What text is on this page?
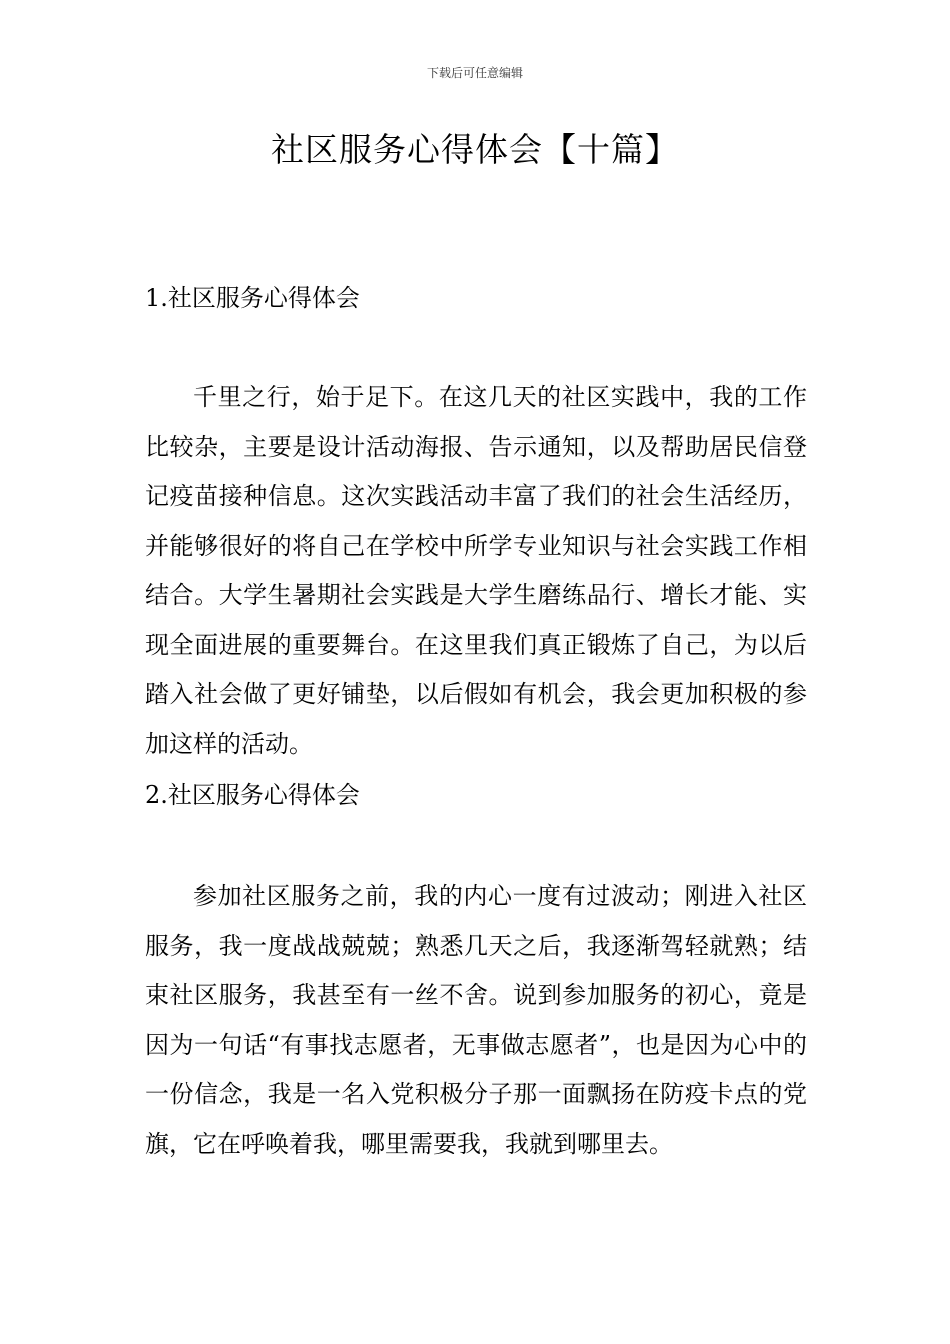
下载后可任意编辑
社区服务心得体会【十篇】
1.社区服务心得体会

千里之行，始于足下。在这几天的社区实践中，我的工作比较杂，主要是设计活动海报、告示通知，以及帮助居民信登记疫苗接种信息。这次实践活动丰富了我们的社会生活经历，并能够很好的将自己在学校中所学专业知识与社会实践工作相结合。大学生暑期社会实践是大学生磨练品行、增长才能、实现全面进展的重要舞台。在这里我们真正锻炼了自己，为以后踏入社会做了更好铺垫，以后假如有机会，我会更加积极的参加这样的活动。

2.社区服务心得体会

参加社区服务之前，我的内心一度有过波动；刚进入社区服务，我一度战战兢兢；熟悉几天之后，我逐渐驾轻就熟；结束社区服务，我甚至有一丝不舍。说到参加服务的初心，竟是因为一句话“有事找志愿者，无事做志愿者”，也是因为心中的一份信念，我是一名入党积极分子那一面飘扬在防疫卡点的党旗，它在呼唤着我，哪里需要我，我就到哪里去。
